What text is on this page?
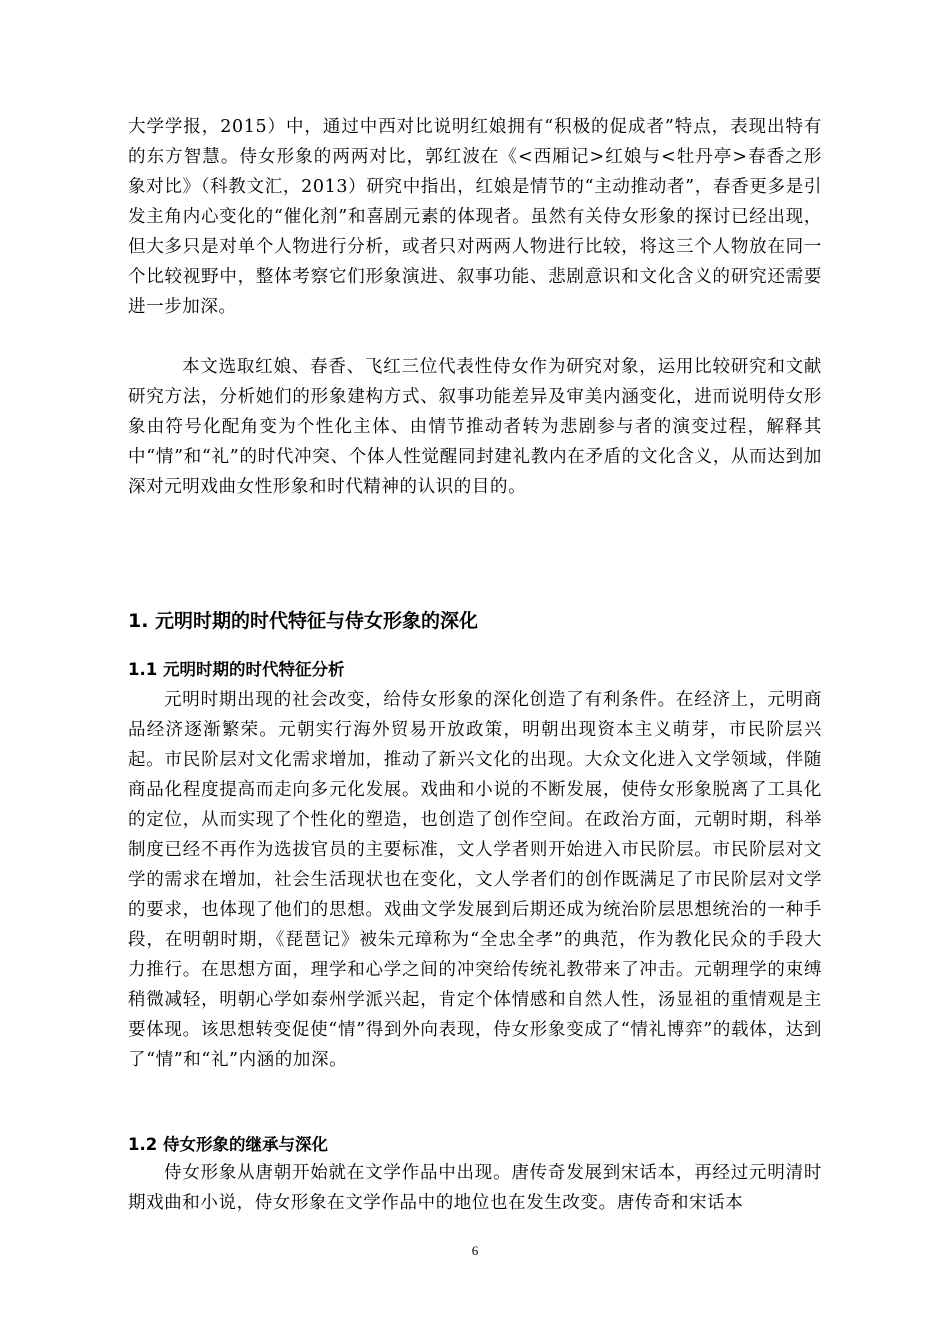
大学学报，2015）中，通过中西对比说明红娘拥有“积极的促成者”特点，表现出特有的东方智慧。侍女形象的两两对比，郭红波在《<西厢记>红娘与<牡丹亭>春香之形象对比》（科教文汇，2013）研究中指出，红娘是情节的“主动推动者”，春香更多是引发主角内心变化的“催化剂”和喜剧元素的体现者。虽然有关侍女形象的探讨已经出现，但大多只是对单个人物进行分析，或者只对两两人物进行比较，将这三个人物放在同一个比较视野中，整体考察它们形象演进、叙事功能、悲剧意识和文化含义的研究还需要进一步加深。

本文选取红娘、春香、飞红三位代表性侍女作为研究对象，运用比较研究和文献研究方法，分析她们的形象建构方式、叙事功能差异及审美内涵变化，进而说明侍女形象由符号化配角变为个性化主体、由情节推动者转为悲剧参与者的演变过程，解释其中“情”和“礼”的时代冲突、个体人性觉醒同封建礼教内在矛盾的文化含义，从而达到加深对元明戏曲女性形象和时代精神的认识的目的。

1. 元明时期的时代特征与侍女形象的深化
1.1 元明时期的时代特征分析

元明时期出现的社会改变，给侍女形象的深化创造了有利条件。在经济上，元明商品经济逐渐繁荣。元朝实行海外贸易开放政策，明朝出现资本主义萌芽，市民阶层兴起。市民阶层对文化需求增加，推动了新兴文化的出现。大众文化进入文学领域，伴随商品化程度提高而走向多元化发展。戏曲和小说的不断发展，使侍女形象脱离了工具化的定位，从而实现了个性化的塑造，也创造了创作空间。在政治方面，元朝时期，科举制度已经不再作为选拔官员的主要标准，文人学者则开始进入市民阶层。市民阶层对文学的需求在增加，社会生活现状也在变化，文人学者们的创作既满足了市民阶层对文学的要求，也体现了他们的思想。戏曲文学发展到后期还成为统治阶层思想统治的一种手段，在明朝时期，《琵琶记》被朱元璋称为“全忠全孝”的典范，作为教化民众的手段大力推行。在思想方面，理学和心学之间的冲突给传统礼教带来了冲击。元朝理学的束缚稍微减轻，明朝心学如泰州学派兴起，肯定个体情感和自然人性，汤显祖的重情观是主要体现。该思想转变促使“情”得到外向表现，侍女形象变成了“情礼博弈”的载体，达到了“情”和“礼”内涵的加深。

1.2 侍女形象的继承与深化

侍女形象从唐朝开始就在文学作品中出现。唐传奇发展到宋话本，再经过元明清时期戏曲和小说，侍女形象在文学作品中的地位也在发生改变。唐传奇和宋话本

6
